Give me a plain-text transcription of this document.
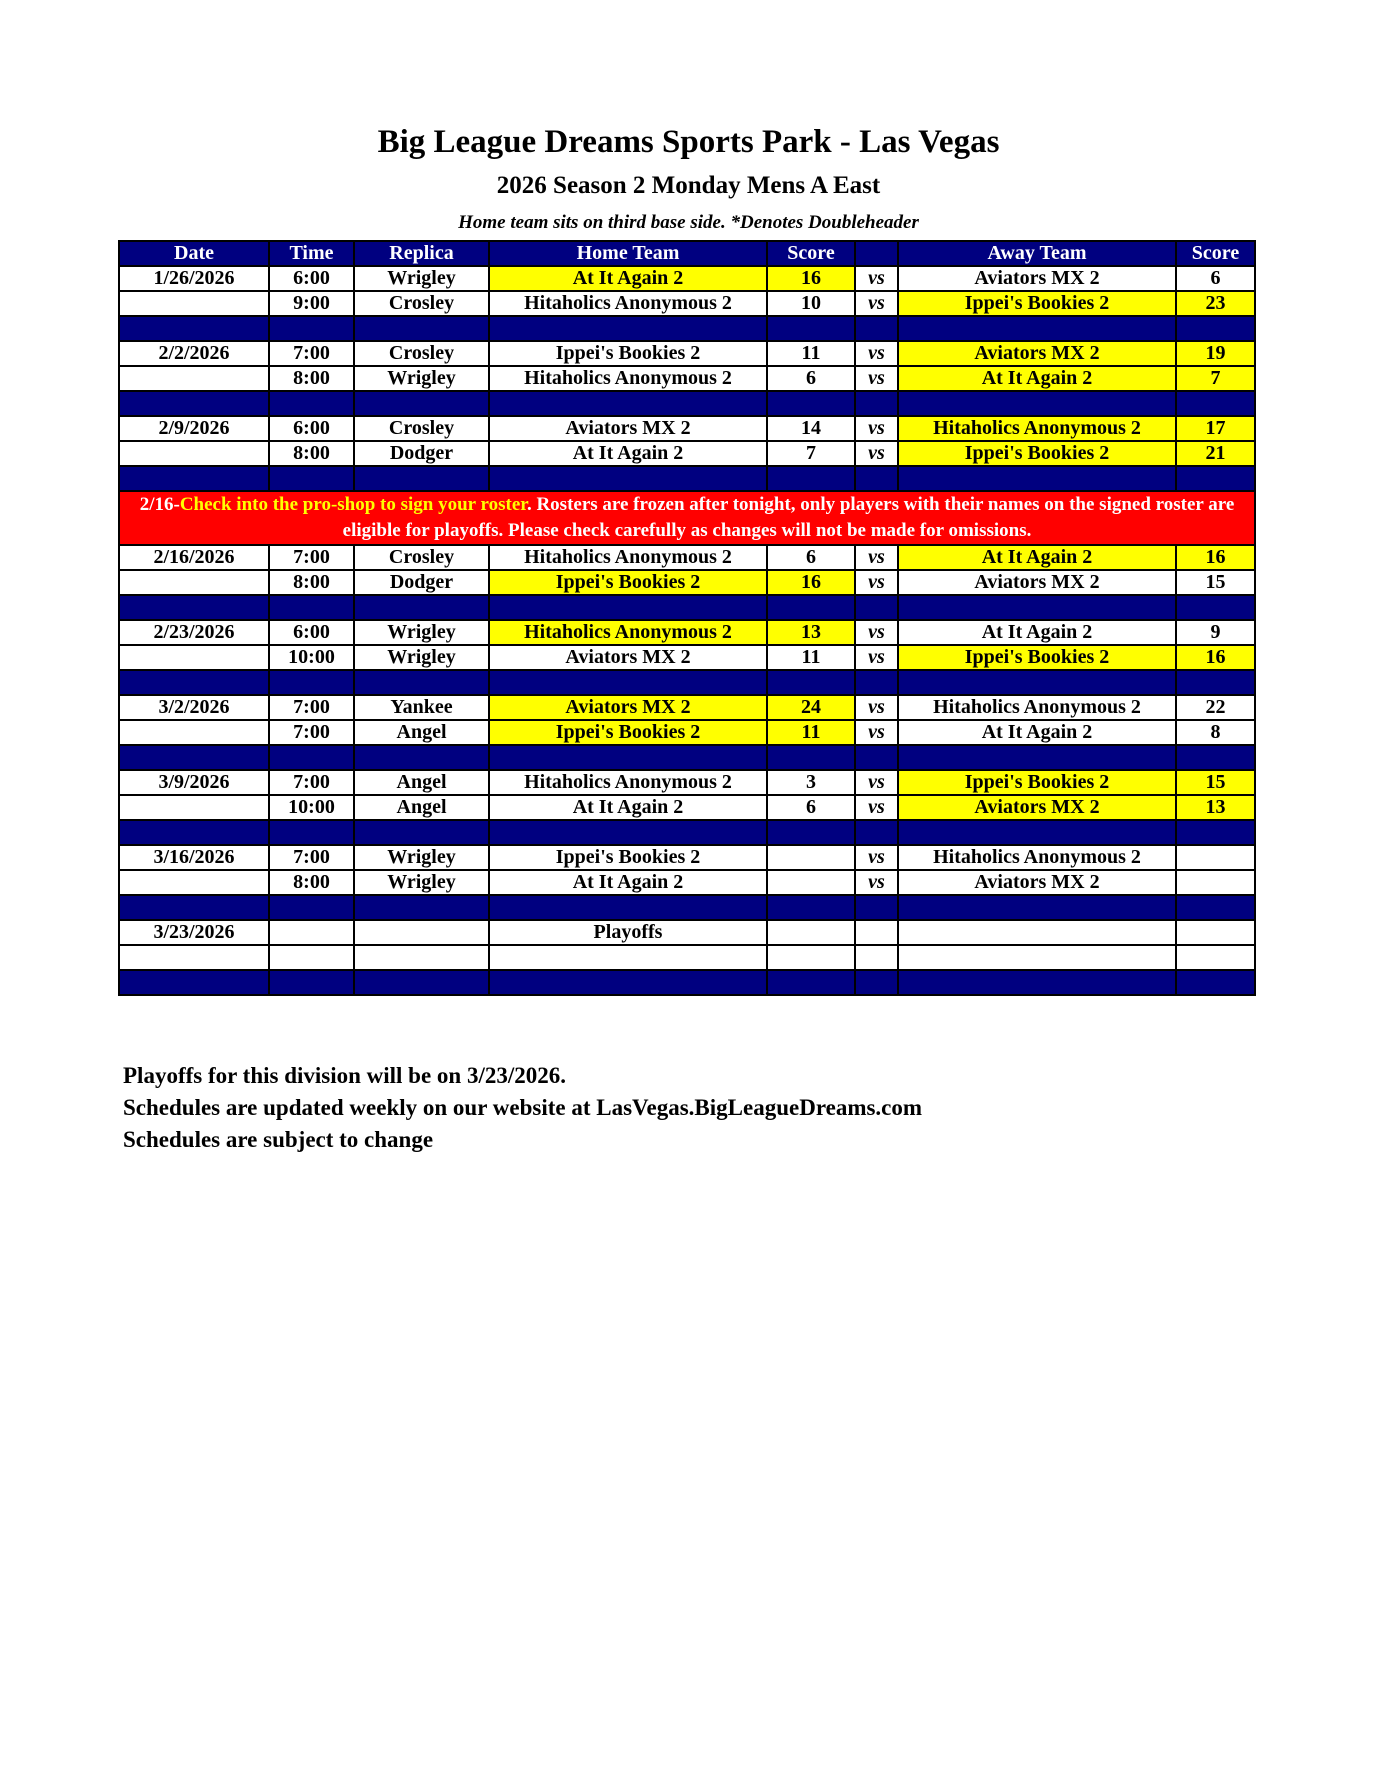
Big League Dreams Sports Park - Las Vegas
2026 Season 2 Monday Mens A East
Home team sits on third base side. *Denotes Doubleheader
Date	Time	Replica	Home Team	Score		Away Team	Score
1/26/2026	6:00	Wrigley	At It Again 2	16	vs	Aviators MX 2	6
	9:00	Crosley	Hitaholics Anonymous 2	10	vs	Ippei's Bookies 2	23

2/2/2026	7:00	Crosley	Ippei's Bookies 2	11	vs	Aviators MX 2	19
	8:00	Wrigley	Hitaholics Anonymous 2	6	vs	At It Again 2	7

2/9/2026	6:00	Crosley	Aviators MX 2	14	vs	Hitaholics Anonymous 2	17
	8:00	Dodger	At It Again 2	7	vs	Ippei's Bookies 2	21

2/16-Check into the pro-shop to sign your roster. Rosters are frozen after tonight, only players with their names on the signed roster are eligible for playoffs. Please check carefully as changes will not be made for omissions.							
2/16/2026	7:00	Crosley	Hitaholics Anonymous 2	6	vs	At It Again 2	16
	8:00	Dodger	Ippei's Bookies 2	16	vs	Aviators MX 2	15

2/23/2026	6:00	Wrigley	Hitaholics Anonymous 2	13	vs	At It Again 2	9
	10:00	Wrigley	Aviators MX 2	11	vs	Ippei's Bookies 2	16

3/2/2026	7:00	Yankee	Aviators MX 2	24	vs	Hitaholics Anonymous 2	22
	7:00	Angel	Ippei's Bookies 2	11	vs	At It Again 2	8

3/9/2026	7:00	Angel	Hitaholics Anonymous 2	3	vs	Ippei's Bookies 2	15
	10:00	Angel	At It Again 2	6	vs	Aviators MX 2	13

3/16/2026	7:00	Wrigley	Ippei's Bookies 2		vs	Hitaholics Anonymous 2	
	8:00	Wrigley	At It Again 2		vs	Aviators MX 2	

3/23/2026			Playoffs				

Playoffs for this division will be on 3/23/2026.
Schedules are updated weekly on our website at LasVegas.BigLeagueDreams.com
Schedules are subject to change
